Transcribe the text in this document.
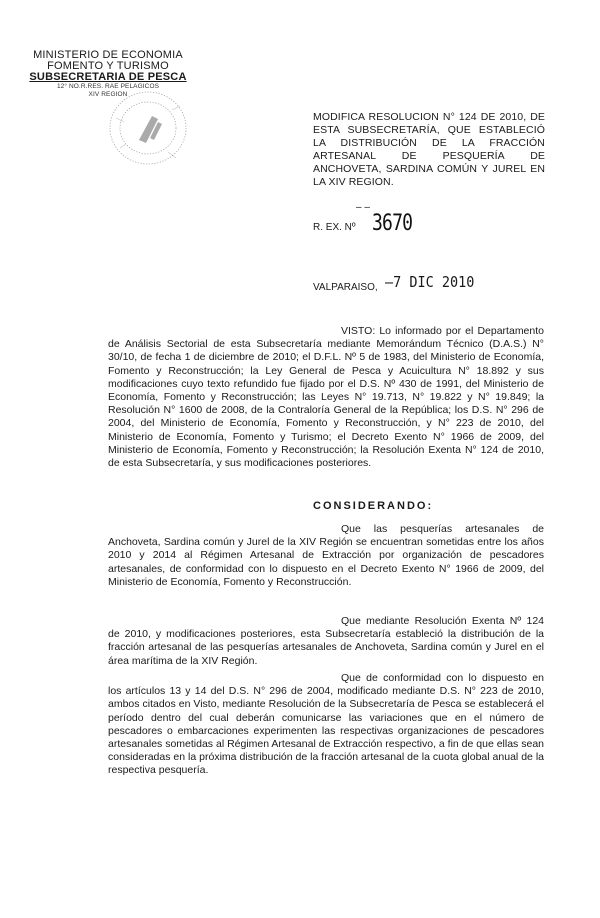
MINISTERIO DE ECONOMIA
FOMENTO Y TURISMO
SUBSECRETARIA DE PESCA
12° NO.R.RES. RAE PELAGICOS
XIV REGION
MODIFICA RESOLUCION N° 124 DE 2010, DE ESTA SUBSECRETARÍA, QUE ESTABLECIÓ LA DISTRIBUCIÓN DE LA FRACCIÓN ARTESANAL DE PESQUERÍA DE ANCHOVETA, SARDINA COMÚN Y JUREL EN LA XIV REGION.
– –
R. EX. Nº 3670
VALPARAISO, –7 DIC 2010
VISTO: Lo informado por el Departamento de Análisis Sectorial de esta Subsecretaría mediante Memorándum Técnico (D.A.S.) N° 30/10, de fecha 1 de diciembre de 2010; el D.F.L. Nº 5 de 1983, del Ministerio de Economía, Fomento y Reconstrucción; la Ley General de Pesca y Acuicultura N° 18.892 y sus modificaciones cuyo texto refundido fue fijado por el D.S. Nº 430 de 1991, del Ministerio de Economía, Fomento y Reconstrucción; las Leyes N° 19.713, N° 19.822 y N° 19.849; la Resolución N° 1600 de 2008, de la Contraloría General de la República; los D.S. N° 296 de 2004, del Ministerio de Economía, Fomento y Reconstrucción, y N° 223 de 2010, del Ministerio de Economía, Fomento y Turismo; el Decreto Exento N° 1966 de 2009, del Ministerio de Economía, Fomento y Reconstrucción; la Resolución Exenta N° 124 de 2010, de esta Subsecretaría, y sus modificaciones posteriores.
CONSIDERANDO:
Que las pesquerías artesanales de Anchoveta, Sardina común y Jurel de la XIV Región se encuentran sometidas entre los años 2010 y 2014 al Régimen Artesanal de Extracción por organización de pescadores artesanales, de conformidad con lo dispuesto en el Decreto Exento N° 1966 de 2009, del Ministerio de Economía, Fomento y Reconstrucción.
Que mediante Resolución Exenta Nº 124 de 2010, y modificaciones posteriores, esta Subsecretaría estableció la distribución de la fracción artesanal de las pesquerías artesanales de Anchoveta, Sardina común y Jurel en el área marítima de la XIV Región.
Que de conformidad con lo dispuesto en los artículos 13 y 14 del D.S. N° 296 de 2004, modificado mediante D.S. N° 223 de 2010, ambos citados en Visto, mediante Resolución de la Subsecretaría de Pesca se establecerá el período dentro del cual deberán comunicarse las variaciones que en el número de pescadores o embarcaciones experimenten las respectivas organizaciones de pescadores artesanales sometidas al Régimen Artesanal de Extracción respectivo, a fin de que ellas sean consideradas en la próxima distribución de la fracción artesanal de la cuota global anual de la respectiva pesquería.
